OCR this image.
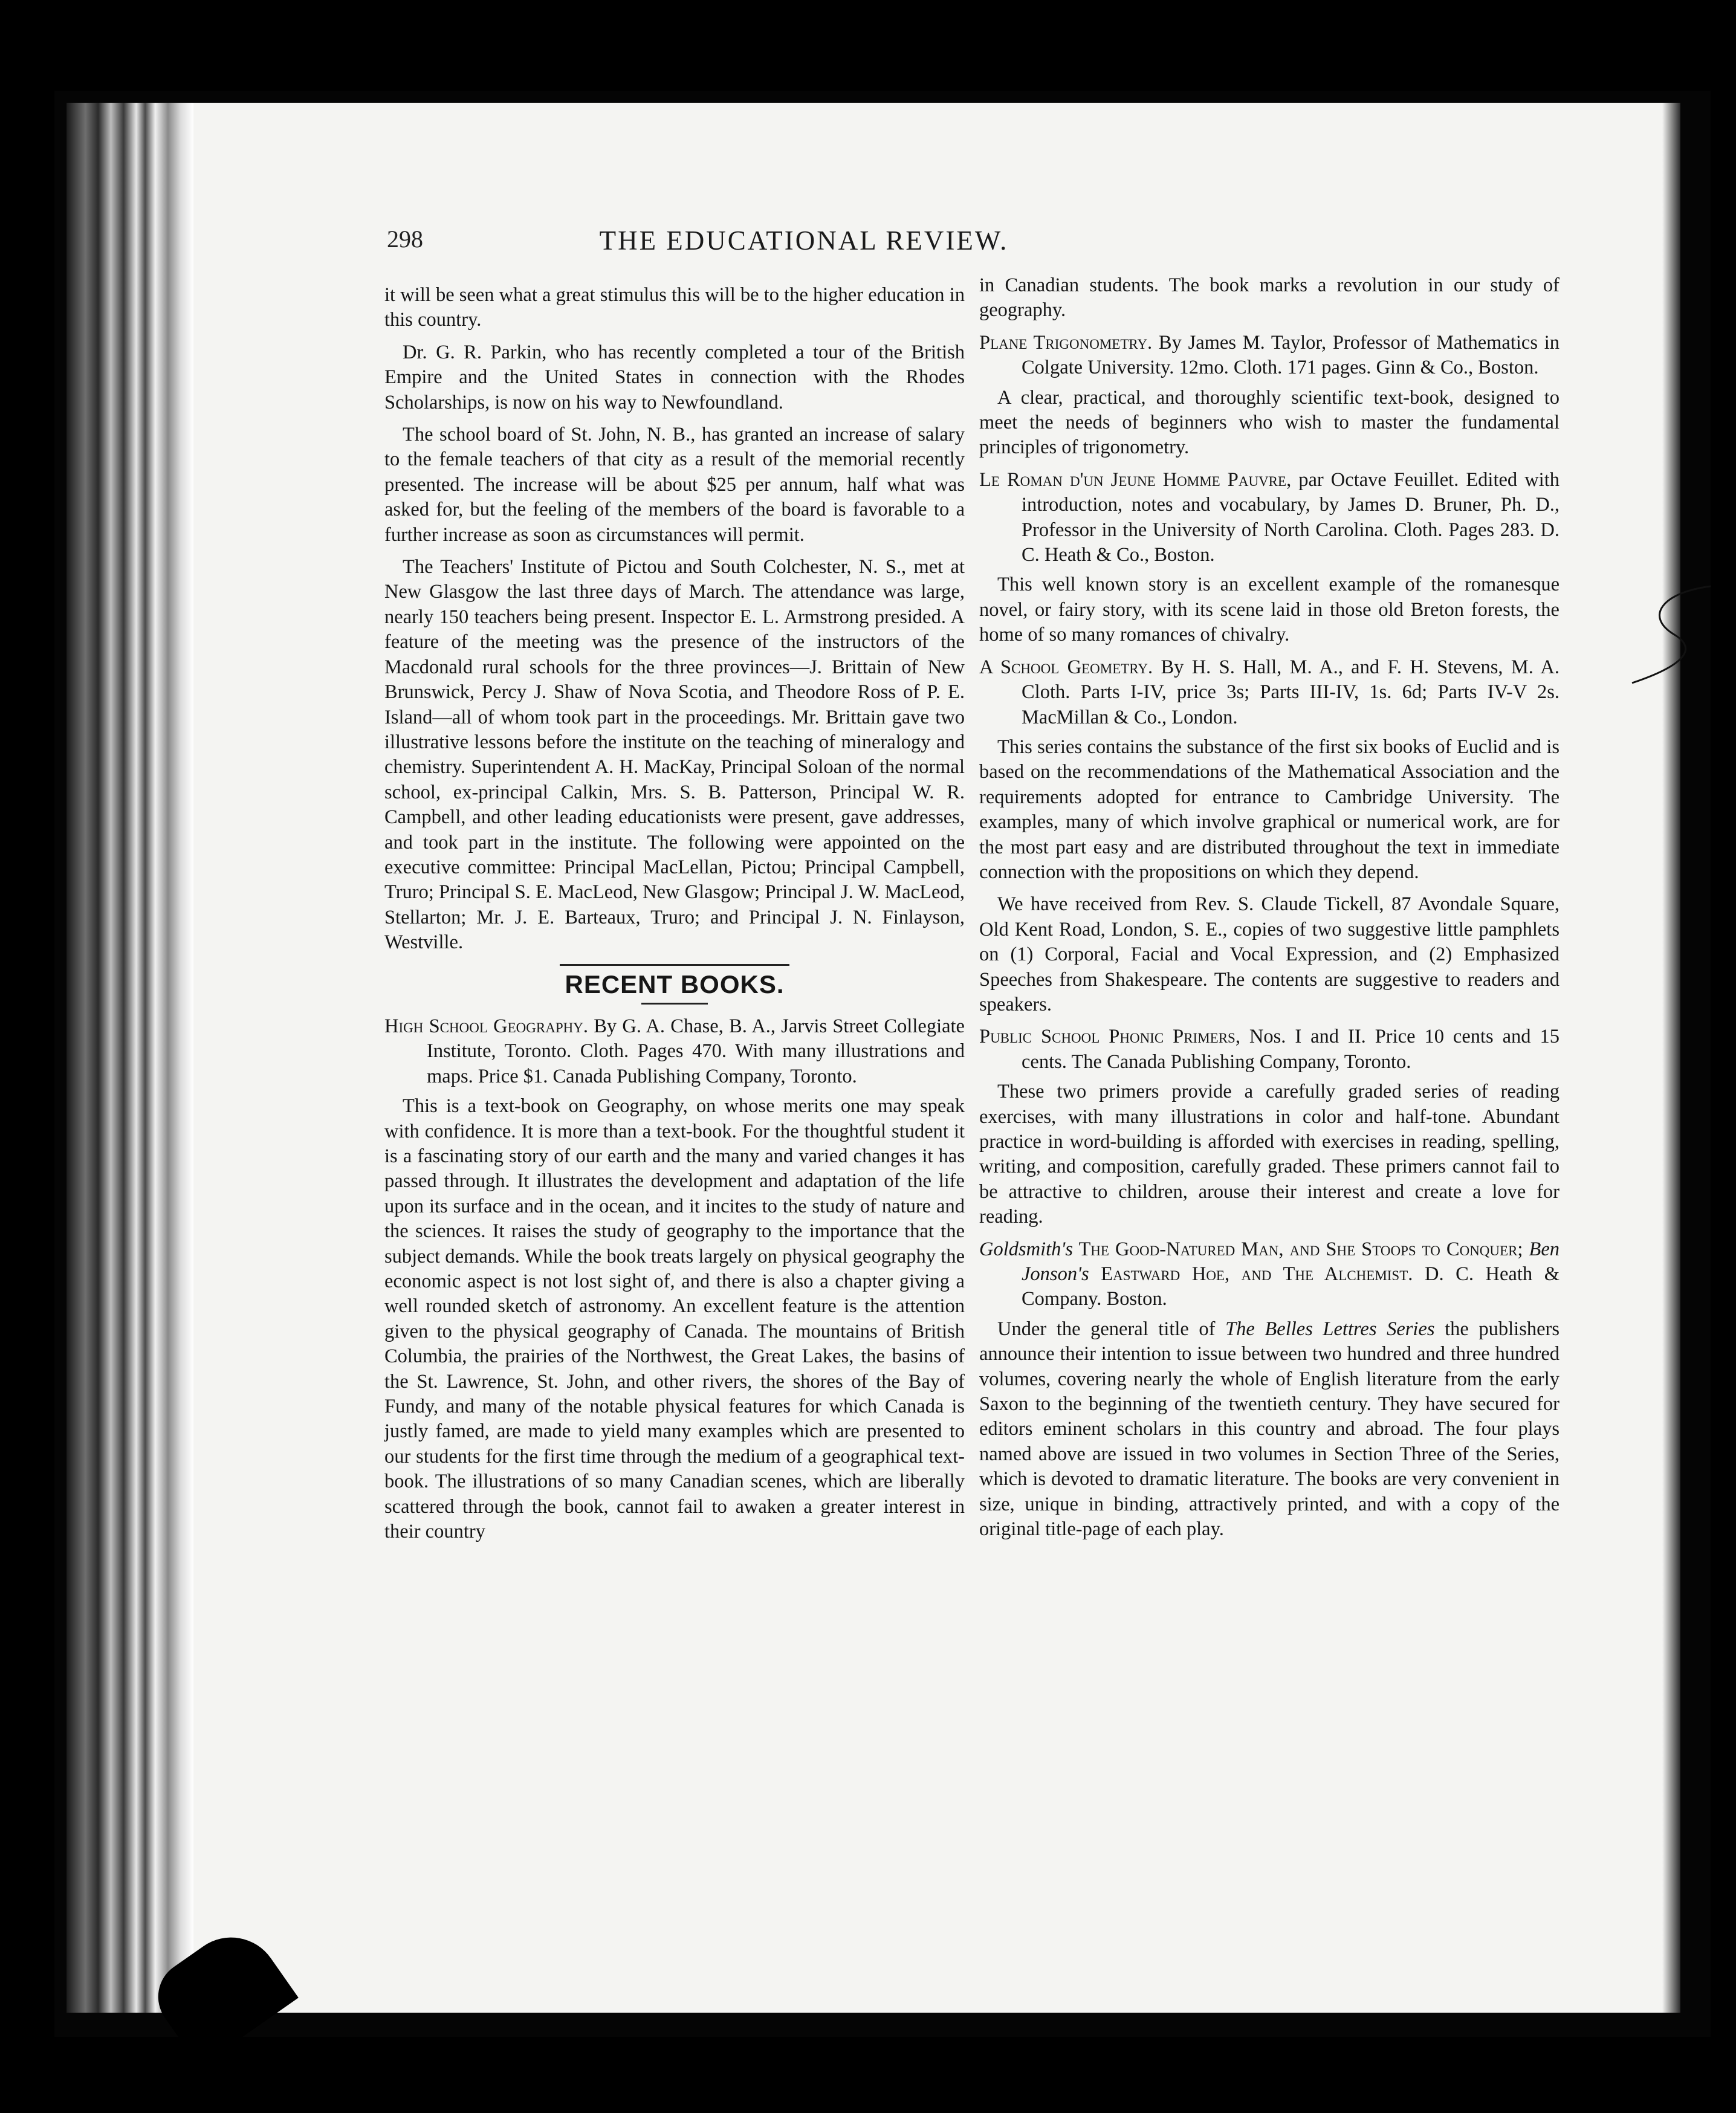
298	THE EDUCATIONAL REVIEW.

it will be seen what a great stimulus this will be to the higher education in this country.

Dr. G. R. Parkin, who has recently completed a tour of the British Empire and the United States in connection with the Rhodes Scholarships, is now on his way to Newfoundland.

The school board of St. John, N. B., has granted an increase of salary to the female teachers of that city as a result of the memorial recently presented. The increase will be about $25 per annum, half what was asked for, but the feeling of the members of the board is favorable to a further increase as soon as circumstances will permit.

The Teachers' Institute of Pictou and South Colchester, N. S., met at New Glasgow the last three days of March. The attendance was large, nearly 150 teachers being present. Inspector E. L. Armstrong presided. A feature of the meeting was the presence of the instructors of the Macdonald rural schools for the three provinces—J. Brittain of New Brunswick, Percy J. Shaw of Nova Scotia, and Theodore Ross of P. E. Island—all of whom took part in the proceedings. Mr. Brittain gave two illustrative lessons before the institute on the teaching of mineralogy and chemistry. Superintendent A. H. MacKay, Principal Soloan of the normal school, ex-principal Calkin, Mrs. S. B. Patterson, Principal W. R. Campbell, and other leading educationists were present, gave addresses, and took part in the institute. The following were appointed on the executive committee: Principal MacLellan, Pictou; Principal Campbell, Truro; Principal S. E. MacLeod, New Glasgow; Principal J. W. MacLeod, Stellarton; Mr. J. E. Barteaux, Truro; and Principal J. N. Finlayson, Westville.

RECENT BOOKS.

High School Geography. By G. A. Chase, B. A., Jarvis Street Collegiate Institute, Toronto. Cloth. Pages 470. With many illustrations and maps. Price $1. Canada Publishing Company, Toronto.

This is a text-book on Geography, on whose merits one may speak with confidence. It is more than a text-book. For the thoughtful student it is a fascinating story of our earth and the many and varied changes it has passed through. It illustrates the development and adaptation of the life upon its surface and in the ocean, and it incites to the study of nature and the sciences. It raises the study of geography to the importance that the subject demands. While the book treats largely on physical geography the economic aspect is not lost sight of, and there is also a chapter giving a well rounded sketch of astronomy. An excellent feature is the attention given to the physical geography of Canada. The mountains of British Columbia, the prairies of the Northwest, the Great Lakes, the basins of the St. Lawrence, St. John, and other rivers, the shores of the Bay of Fundy, and many of the notable physical features for which Canada is justly famed, are made to yield many examples which are presented to our students for the first time through the medium of a geographical text-book. The illustrations of so many Canadian scenes, which are liberally scattered through the book, cannot fail to awaken a greater interest in their country

in Canadian students. The book marks a revolution in our study of geography.

Plane Trigonometry. By James M. Taylor, Professor of Mathematics in Colgate University. 12mo. Cloth. 171 pages. Ginn & Co., Boston.

A clear, practical, and thoroughly scientific text-book, designed to meet the needs of beginners who wish to master the fundamental principles of trigonometry.

Le Roman d'un Jeune Homme Pauvre, par Octave Feuillet. Edited with introduction, notes and vocabulary, by James D. Bruner, Ph. D., Professor in the University of North Carolina. Cloth. Pages 283. D. C. Heath & Co., Boston.

This well known story is an excellent example of the romanesque novel, or fairy story, with its scene laid in those old Breton forests, the home of so many romances of chivalry.

A School Geometry. By H. S. Hall, M. A., and F. H. Stevens, M. A. Cloth. Parts I-IV, price 3s; Parts III-IV, 1s. 6d; Parts IV-V 2s. MacMillan & Co., London.

This series contains the substance of the first six books of Euclid and is based on the recommendations of the Mathematical Association and the requirements adopted for entrance to Cambridge University. The examples, many of which involve graphical or numerical work, are for the most part easy and are distributed throughout the text in immediate connection with the propositions on which they depend.

We have received from Rev. S. Claude Tickell, 87 Avondale Square, Old Kent Road, London, S. E., copies of two suggestive little pamphlets on (1) Corporal, Facial and Vocal Expression, and (2) Emphasized Speeches from Shakespeare. The contents are suggestive to readers and speakers.

Public School Phonic Primers, Nos. I and II. Price 10 cents and 15 cents. The Canada Publishing Company, Toronto.

These two primers provide a carefully graded series of reading exercises, with many illustrations in color and half-tone. Abundant practice in word-building is afforded with exercises in reading, spelling, writing, and composition, carefully graded. These primers cannot fail to be attractive to children, arouse their interest and create a love for reading.

Goldsmith's The Good-Natured Man, and She Stoops to Conquer; Ben Jonson's Eastward Hoe, and The Alchemist. D. C. Heath & Company. Boston.

Under the general title of The Belles Lettres Series the publishers announce their intention to issue between two hundred and three hundred volumes, covering nearly the whole of English literature from the early Saxon to the beginning of the twentieth century. They have secured for editors eminent scholars in this country and abroad. The four plays named above are issued in two volumes in Section Three of the Series, which is devoted to dramatic literature. The books are very convenient in size, unique in binding, attractively printed, and with a copy of the original title-page of each play.
